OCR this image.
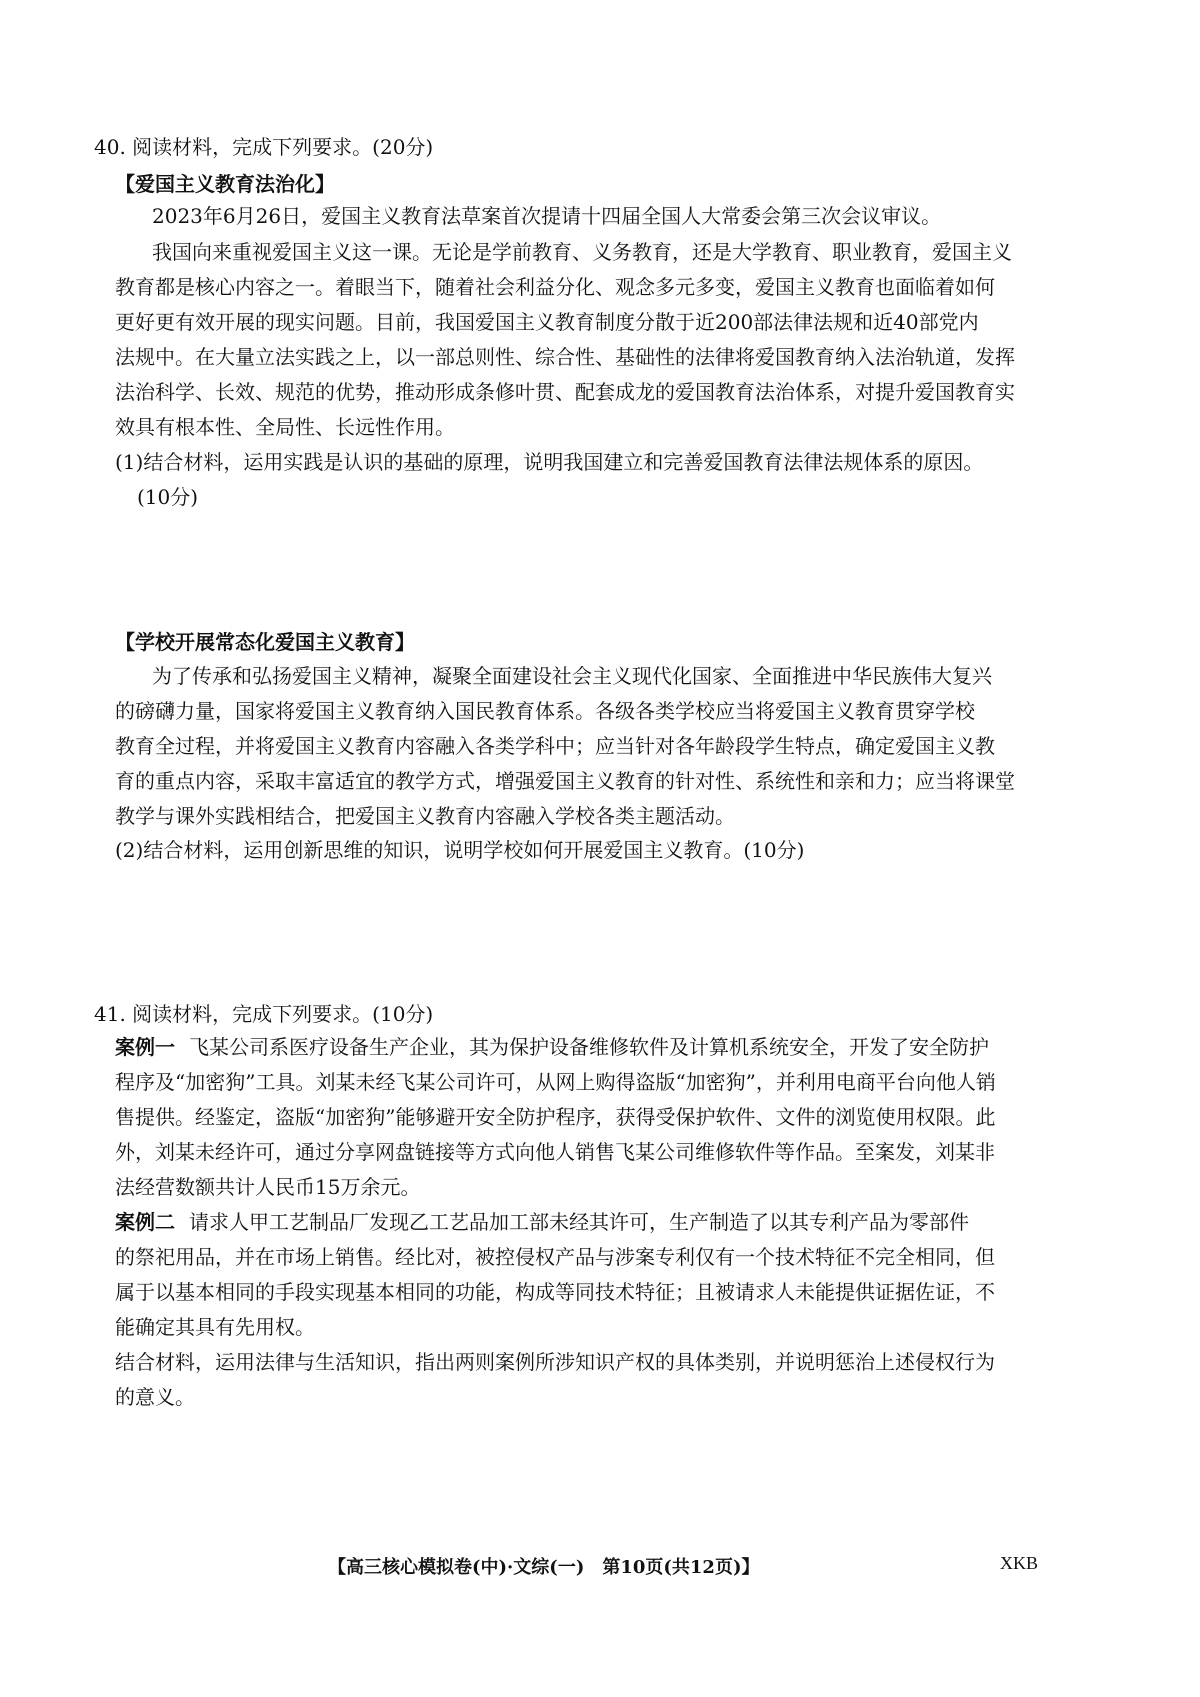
40. 阅读材料，完成下列要求。(20分)
【爱国主义教育法治化】
2023年6月26日，爱国主义教育法草案首次提请十四届全国人大常委会第三次会议审议。
我国向来重视爱国主义这一课。无论是学前教育、义务教育，还是大学教育、职业教育，爱国主义
教育都是核心内容之一。着眼当下，随着社会利益分化、观念多元多变，爱国主义教育也面临着如何
更好更有效开展的现实问题。目前，我国爱国主义教育制度分散于近200部法律法规和近40部党内
法规中。在大量立法实践之上，以一部总则性、综合性、基础性的法律将爱国教育纳入法治轨道，发挥
法治科学、长效、规范的优势，推动形成条修叶贯、配套成龙的爱国教育法治体系，对提升爱国教育实
效具有根本性、全局性、长远性作用。
(1)结合材料，运用实践是认识的基础的原理，说明我国建立和完善爱国教育法律法规体系的原因。
(10分)
【学校开展常态化爱国主义教育】
为了传承和弘扬爱国主义精神，凝聚全面建设社会主义现代化国家、全面推进中华民族伟大复兴
的磅礴力量，国家将爱国主义教育纳入国民教育体系。各级各类学校应当将爱国主义教育贯穿学校
教育全过程，并将爱国主义教育内容融入各类学科中；应当针对各年龄段学生特点，确定爱国主义教
育的重点内容，采取丰富适宜的教学方式，增强爱国主义教育的针对性、系统性和亲和力；应当将课堂
教学与课外实践相结合，把爱国主义教育内容融入学校各类主题活动。
(2)结合材料，运用创新思维的知识，说明学校如何开展爱国主义教育。(10分)
41. 阅读材料，完成下列要求。(10分)
案例一 飞某公司系医疗设备生产企业，其为保护设备维修软件及计算机系统安全，开发了安全防护
程序及“加密狗”工具。刘某未经飞某公司许可，从网上购得盗版“加密狗”，并利用电商平台向他人销
售提供。经鉴定，盗版“加密狗”能够避开安全防护程序，获得受保护软件、文件的浏览使用权限。此
外，刘某未经许可，通过分享网盘链接等方式向他人销售飞某公司维修软件等作品。至案发，刘某非
法经营数额共计人民币15万余元。
案例二 请求人甲工艺制品厂发现乙工艺品加工部未经其许可，生产制造了以其专利产品为零部件
的祭祀用品，并在市场上销售。经比对，被控侵权产品与涉案专利仅有一个技术特征不完全相同，但
属于以基本相同的手段实现基本相同的功能，构成等同技术特征；且被请求人未能提供证据佐证，不
能确定其具有先用权。
结合材料，运用法律与生活知识，指出两则案例所涉知识产权的具体类别，并说明惩治上述侵权行为
的意义。
【高三核心模拟卷(中)·文综(一)　第10页(共12页)】	XKB
